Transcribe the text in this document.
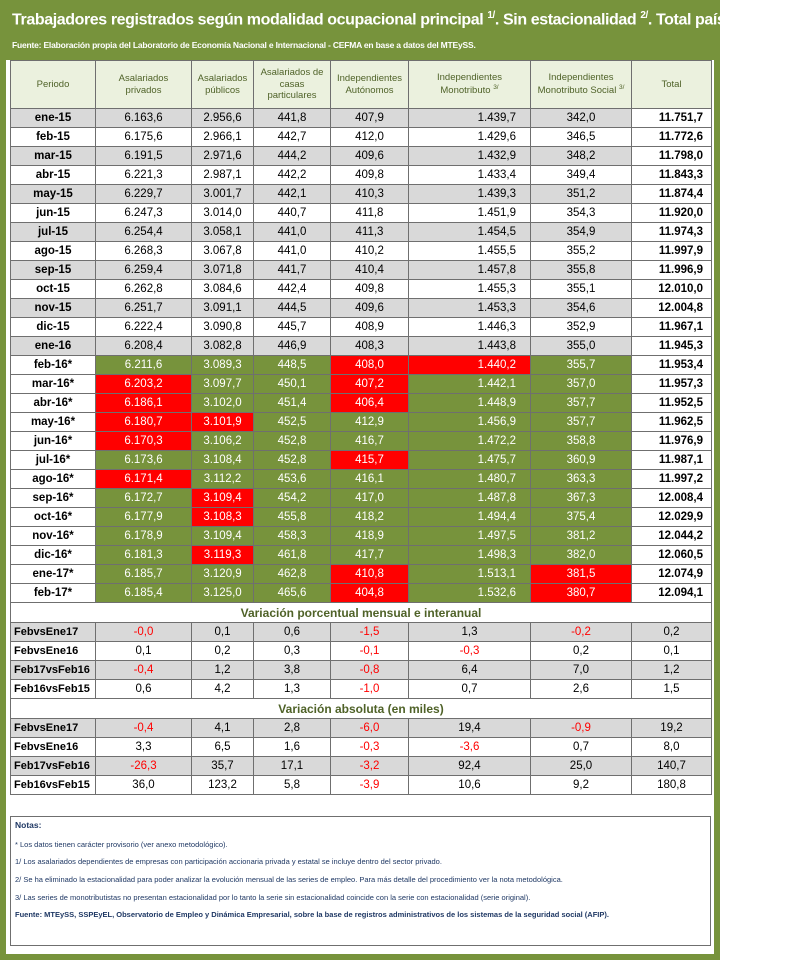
Trabajadores registrados según modalidad ocupacional principal $^{1/}$. Sin estacionalidad $^{2/}$. Total país. En miles.
Fuente: Elaboración propia del Laboratorio de Economía Nacional e Internacional - CEFMA en base a datos del MTEySS.
Periodo	Asalariados privados	Asalariados públicos	Asalariados de casas particulares	Independientes Autónomos	Independientes Monotributo $^{3/}$	Independientes Monotributo Social $^{3/}$	Total
ene-15	6.163,6	2.956,6	441,8	407,9	1.439,7	342,0	11.751,7
feb-15	6.175,6	2.966,1	442,7	412,0	1.429,6	346,5	11.772,6
mar-15	6.191,5	2.971,6	444,2	409,6	1.432,9	348,2	11.798,0
abr-15	6.221,3	2.987,1	442,2	409,8	1.433,4	349,4	11.843,3
may-15	6.229,7	3.001,7	442,1	410,3	1.439,3	351,2	11.874,4
jun-15	6.247,3	3.014,0	440,7	411,8	1.451,9	354,3	11.920,0
jul-15	6.254,4	3.058,1	441,0	411,3	1.454,5	354,9	11.974,3
ago-15	6.268,3	3.067,8	441,0	410,2	1.455,5	355,2	11.997,9
sep-15	6.259,4	3.071,8	441,7	410,4	1.457,8	355,8	11.996,9
oct-15	6.262,8	3.084,6	442,4	409,8	1.455,3	355,1	12.010,0
nov-15	6.251,7	3.091,1	444,5	409,6	1.453,3	354,6	12.004,8
dic-15	6.222,4	3.090,8	445,7	408,9	1.446,3	352,9	11.967,1
ene-16	6.208,4	3.082,8	446,9	408,3	1.443,8	355,0	11.945,3
feb-16*	6.211,6	3.089,3	448,5	408,0	1.440,2	355,7	11.953,4
mar-16*	6.203,2	3.097,7	450,1	407,2	1.442,1	357,0	11.957,3
abr-16*	6.186,1	3.102,0	451,4	406,4	1.448,9	357,7	11.952,5
may-16*	6.180,7	3.101,9	452,5	412,9	1.456,9	357,7	11.962,5
jun-16*	6.170,3	3.106,2	452,8	416,7	1.472,2	358,8	11.976,9
jul-16*	6.173,6	3.108,4	452,8	415,7	1.475,7	360,9	11.987,1
ago-16*	6.171,4	3.112,2	453,6	416,1	1.480,7	363,3	11.997,2
sep-16*	6.172,7	3.109,4	454,2	417,0	1.487,8	367,3	12.008,4
oct-16*	6.177,9	3.108,3	455,8	418,2	1.494,4	375,4	12.029,9
nov-16*	6.178,9	3.109,4	458,3	418,9	1.497,5	381,2	12.044,2
dic-16*	6.181,3	3.119,3	461,8	417,7	1.498,3	382,0	12.060,5
ene-17*	6.185,7	3.120,9	462,8	410,8	1.513,1	381,5	12.074,9
feb-17*	6.185,4	3.125,0	465,6	404,8	1.532,6	380,7	12.094,1
Variación porcentual mensual e interanual							
FebvsEne17	-0,0	0,1	0,6	-1,5	1,3	-0,2	0,2
FebvsEne16	0,1	0,2	0,3	-0,1	-0,3	0,2	0,1
Feb17vsFeb16	-0,4	1,2	3,8	-0,8	6,4	7,0	1,2
Feb16vsFeb15	0,6	4,2	1,3	-1,0	0,7	2,6	1,5
Variación absoluta (en miles)							
FebvsEne17	-0,4	4,1	2,8	-6,0	19,4	-0,9	19,2
FebvsEne16	3,3	6,5	1,6	-0,3	-3,6	0,7	8,0
Feb17vsFeb16	-26,3	35,7	17,1	-3,2	92,4	25,0	140,7
Feb16vsFeb15	36,0	123,2	5,8	-3,9	10,6	9,2	180,8

Notas:

* Los datos tienen carácter provisorio (ver anexo metodológico).

1/ Los asalariados dependientes de empresas con participación accionaria privada y estatal se incluye dentro del sector privado.

2/ Se ha eliminado la estacionalidad para poder analizar la evolución mensual de las series de empleo. Para más detalle del procedimiento ver la nota metodológica.

3/ Las series de monotributistas no presentan estacionalidad por lo tanto la serie sin estacionalidad coincide con la serie con estacionalidad (serie original).

Fuente: MTEySS, SSPEyEL, Observatorio de Empleo y Dinámica Empresarial, sobre la base de registros administrativos de los sistemas de la seguridad social (AFIP).
